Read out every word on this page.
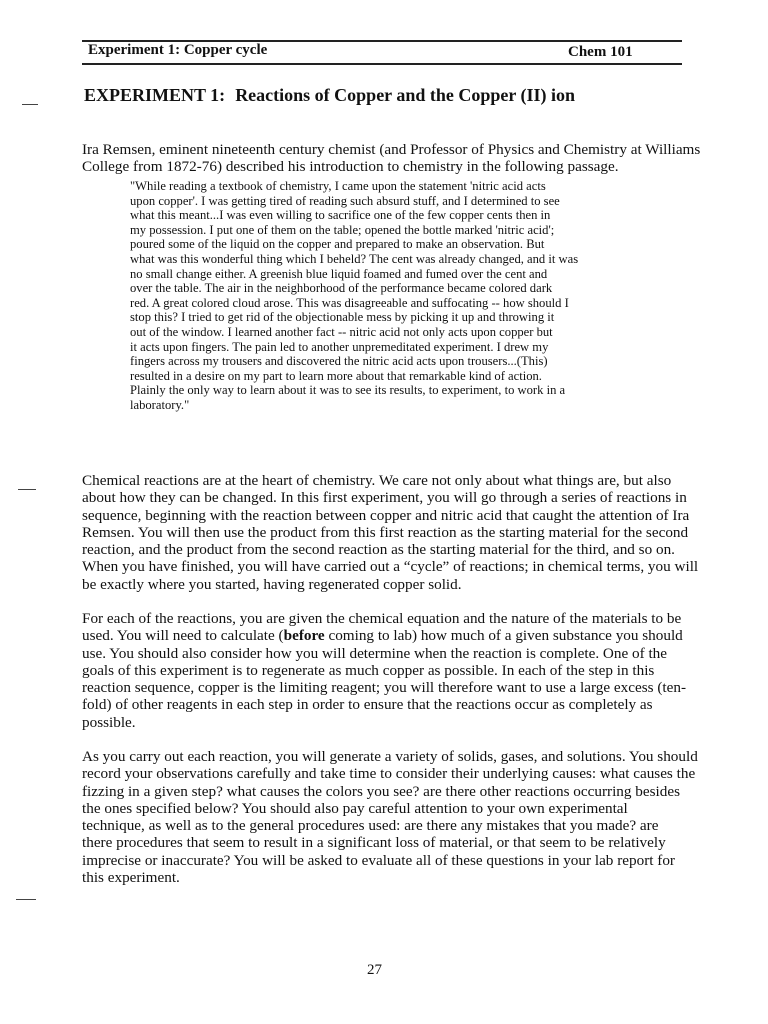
Experiment 1: Copper cycle	Chem 101
EXPERIMENT 1: Reactions of Copper and the Copper (II) ion
Ira Remsen, eminent nineteenth century chemist (and Professor of Physics and Chemistry at Williams
College from 1872-76) described his introduction to chemistry in the following passage.
"While reading a textbook of chemistry, I came upon the statement 'nitric acid acts
upon copper'. I was getting tired of reading such absurd stuff, and I determined to see
what this meant...I was even willing to sacrifice one of the few copper cents then in
my possession. I put one of them on the table; opened the bottle marked 'nitric acid';
poured some of the liquid on the copper and prepared to make an observation. But
what was this wonderful thing which I beheld? The cent was already changed, and it was
no small change either. A greenish blue liquid foamed and fumed over the cent and
over the table. The air in the neighborhood of the performance became colored dark
red. A great colored cloud arose. This was disagreeable and suffocating -- how should I
stop this? I tried to get rid of the objectionable mess by picking it up and throwing it
out of the window. I learned another fact -- nitric acid not only acts upon copper but
it acts upon fingers. The pain led to another unpremeditated experiment. I drew my
fingers across my trousers and discovered the nitric acid acts upon trousers...(This)
resulted in a desire on my part to learn more about that remarkable kind of action.
Plainly the only way to learn about it was to see its results, to experiment, to work in a
laboratory."
Chemical reactions are at the heart of chemistry. We care not only about what things are, but also
about how they can be changed. In this first experiment, you will go through a series of reactions in
sequence, beginning with the reaction between copper and nitric acid that caught the attention of Ira
Remsen. You will then use the product from this first reaction as the starting material for the second
reaction, and the product from the second reaction as the starting material for the third, and so on.
When you have finished, you will have carried out a “cycle” of reactions; in chemical terms, you will
be exactly where you started, having regenerated copper solid.
For each of the reactions, you are given the chemical equation and the nature of the materials to be
used. You will need to calculate (before coming to lab) how much of a given substance you should
use. You should also consider how you will determine when the reaction is complete. One of the
goals of this experiment is to regenerate as much copper as possible. In each of the step in this
reaction sequence, copper is the limiting reagent; you will therefore want to use a large excess (ten-
fold) of other reagents in each step in order to ensure that the reactions occur as completely as
possible.
As you carry out each reaction, you will generate a variety of solids, gases, and solutions. You should
record your observations carefully and take time to consider their underlying causes: what causes the
fizzing in a given step? what causes the colors you see? are there other reactions occurring besides
the ones specified below? You should also pay careful attention to your own experimental
technique, as well as to the general procedures used: are there any mistakes that you made? are
there procedures that seem to result in a significant loss of material, or that seem to be relatively
imprecise or inaccurate? You will be asked to evaluate all of these questions in your lab report for
this experiment.
27
